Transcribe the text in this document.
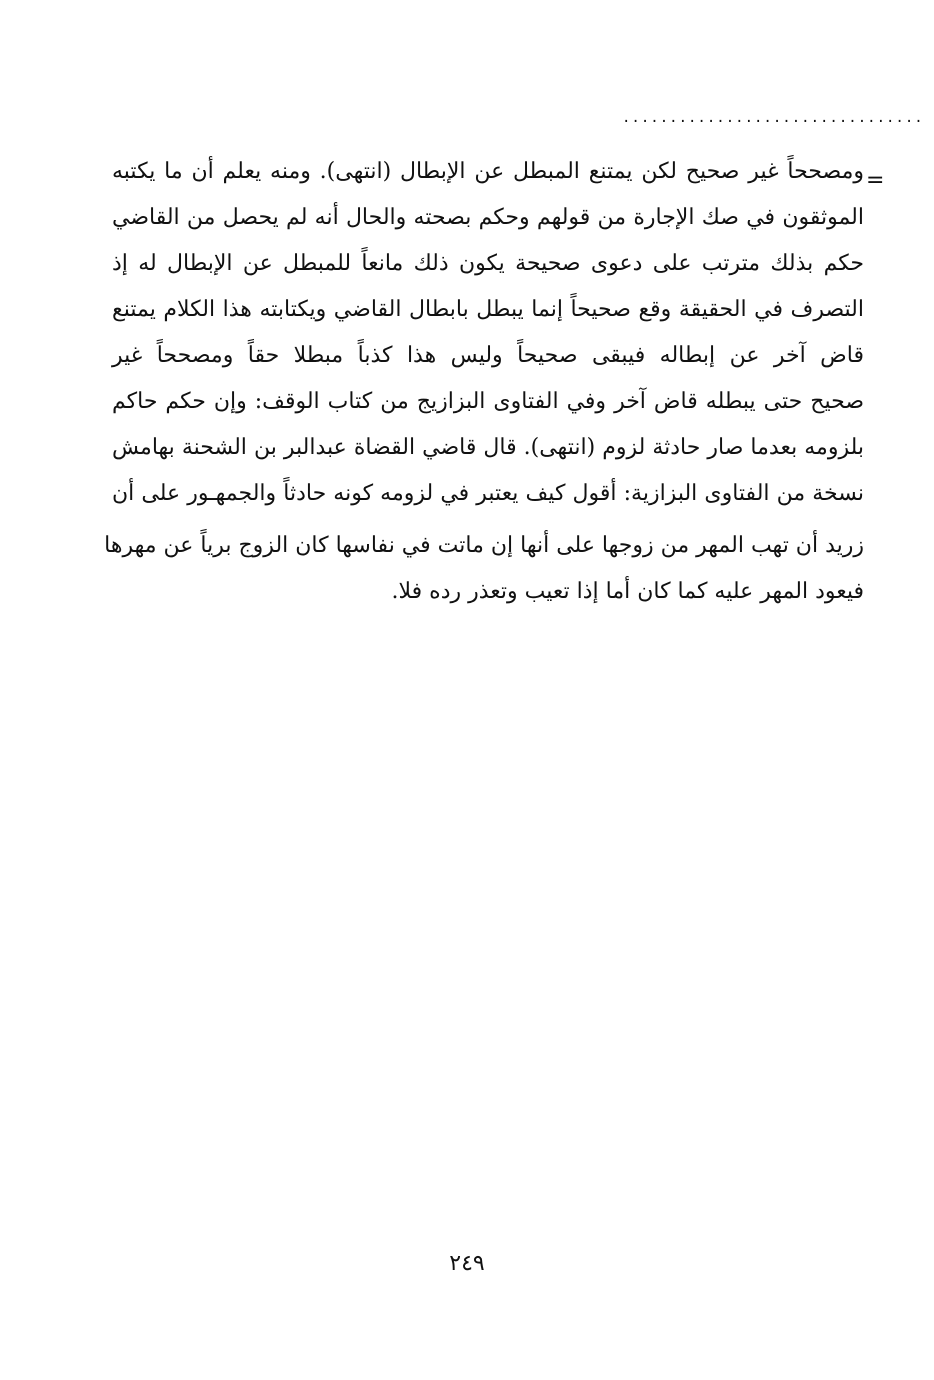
................................
=
ومصححاً غير صحيح لكن يمتنع المبطل عن الإبطال (انتهى). ومنه يعلم أن ما يكتبه
الموثقون في صك الإجارة من قولهم وحكم بصحته والحال أنه لم يحصل من القاضي
حكم بذلك مترتب على دعوى صحيحة يكون ذلك مانعاً للمبطل عن الإبطال له إذ
التصرف في الحقيقة وقع صحيحاً إنما يبطل بابطال القاضي ويكتابته هذا الكلام يمتنع
قاض آخر عن إبطاله فيبقى صحيحاً وليس هذا كذباً مبطلا حقاً ومصححاً غير
صحيح حتى يبطله قاض آخر وفي الفتاوى البزازيج من كتاب الوقف: وإن حكم حاكم
بلزومه بعدما صار حادثة لزوم (انتهى). قال قاضي القضاة عبدالبر بن الشحنة بهامش
نسخة من الفتاوى البزازية: أقول كيف يعتبر في لزومه كونه حادثاً والجمهـور على أن
زريد أن تهب المهر من زوجها على أنها إن ماتت في نفاسها كان الزوج برياً عن مهرها
فيعود المهر عليه كما كان أما إذا تعيب وتعذر رده فلا.
٢٤٩
